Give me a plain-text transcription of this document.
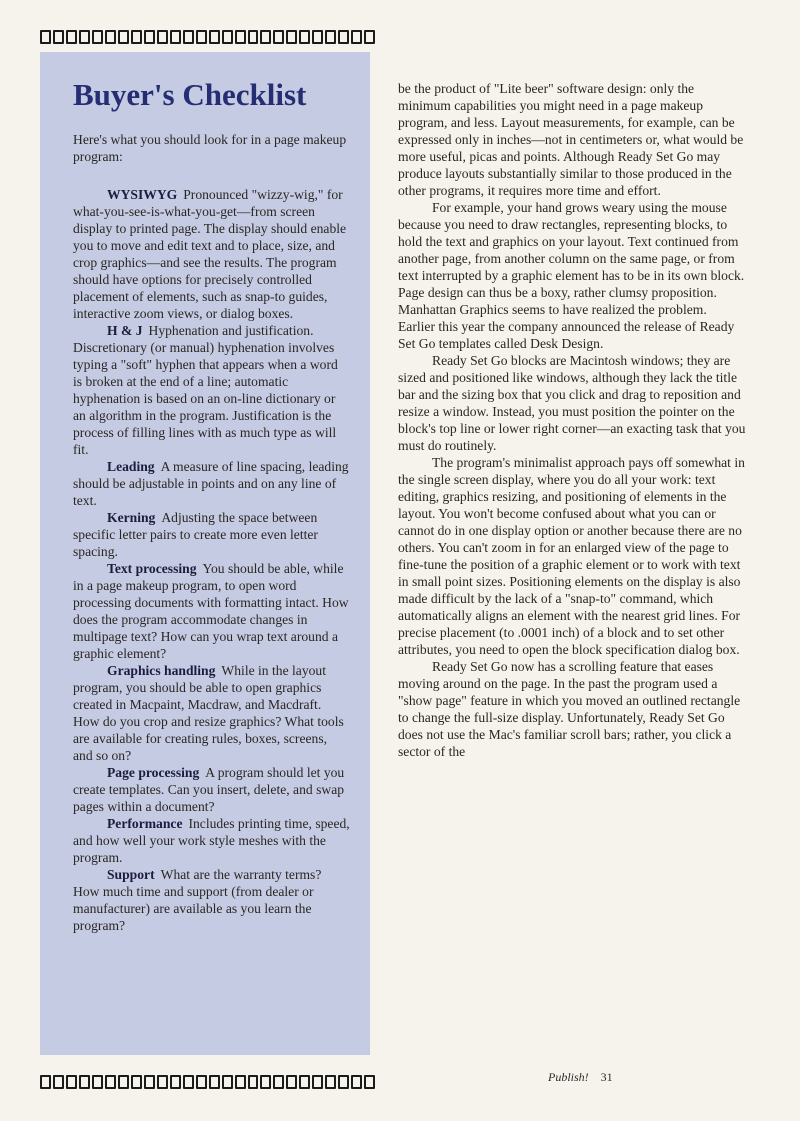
Buyer's Checklist

Here's what you should look for in a page makeup program:

WYSIWYG Pronounced "wizzy-wig," for what-you-see-is-what-you-get—from screen display to printed page. The display should enable you to move and edit text and to place, size, and crop graphics—and see the results. The program should have options for precisely controlled placement of elements, such as snap-to guides, interactive zoom views, or dialog boxes.

H & J Hyphenation and justification. Discretionary (or manual) hyphenation involves typing a "soft" hyphen that appears when a word is broken at the end of a line; automatic hyphenation is based on an on-line dictionary or an algorithm in the program. Justification is the process of filling lines with as much type as will fit.

Leading A measure of line spacing, leading should be adjustable in points and on any line of text.

Kerning Adjusting the space between specific letter pairs to create more even letter spacing.

Text processing You should be able, while in a page makeup program, to open word processing documents with formatting intact. How does the program accommodate changes in multipage text? How can you wrap text around a graphic element?

Graphics handling While in the layout program, you should be able to open graphics created in Macpaint, Macdraw, and Macdraft. How do you crop and resize graphics? What tools are available for creating rules, boxes, screens, and so on?

Page processing A program should let you create templates. Can you insert, delete, and swap pages within a document?

Performance Includes printing time, speed, and how well your work style meshes with the program.

Support What are the warranty terms? How much time and support (from dealer or manufacturer) are available as you learn the program?

be the product of "Lite beer" software design: only the minimum capabilities you might need in a page makeup program, and less. Layout measurements, for example, can be expressed only in inches—not in centimeters or, what would be more useful, picas and points. Although Ready Set Go may produce layouts substantially similar to those produced in the other programs, it requires more time and effort.

For example, your hand grows weary using the mouse because you need to draw rectangles, representing blocks, to hold the text and graphics on your layout. Text continued from another page, from another column on the same page, or from text interrupted by a graphic element has to be in its own block. Page design can thus be a boxy, rather clumsy proposition. Manhattan Graphics seems to have realized the problem. Earlier this year the company announced the release of Ready Set Go templates called Desk Design.

Ready Set Go blocks are Macintosh windows; they are sized and positioned like windows, although they lack the title bar and the sizing box that you click and drag to reposition and resize a window. Instead, you must position the pointer on the block's top line or lower right corner—an exacting task that you must do routinely.

The program's minimalist approach pays off somewhat in the single screen display, where you do all your work: text editing, graphics resizing, and positioning of elements in the layout. You won't become confused about what you can or cannot do in one display option or another because there are no others. You can't zoom in for an enlarged view of the page to fine-tune the position of a graphic element or to work with text in small point sizes. Positioning elements on the display is also made difficult by the lack of a "snap-to" command, which automatically aligns an element with the nearest grid lines. For precise placement (to .0001 inch) of a block and to set other attributes, you need to open the block specification dialog box.

Ready Set Go now has a scrolling feature that eases moving around on the page. In the past the program used a "show page" feature in which you moved an outlined rectangle to change the full-size display. Unfortunately, Ready Set Go does not use the Mac's familiar scroll bars; rather, you click a sector of the

Publish! 31
